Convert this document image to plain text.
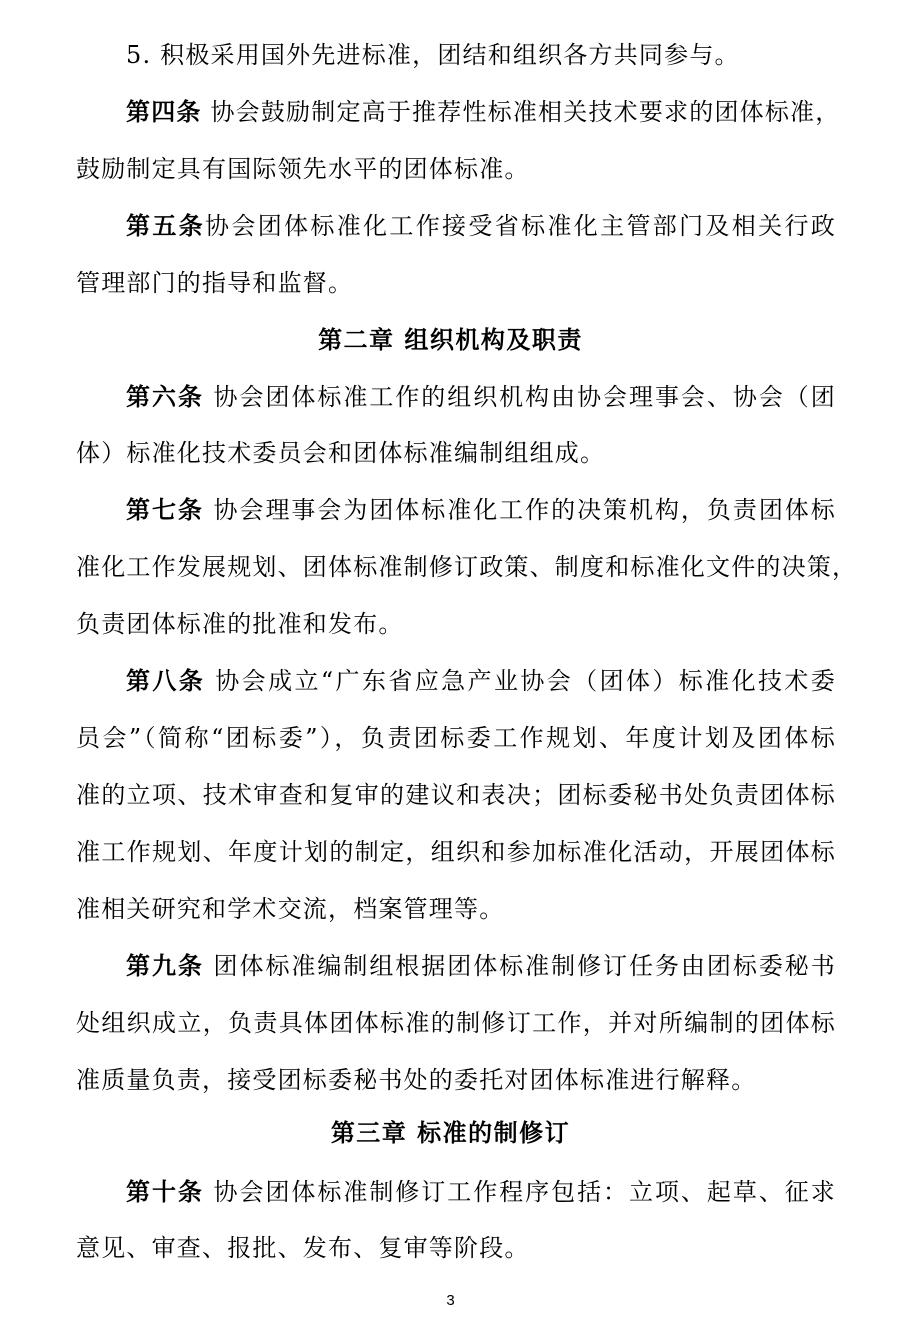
5. 积极采用国外先进标准，团结和组织各方共同参与。
第四条 协会鼓励制定高于推荐性标准相关技术要求的团体标准，
鼓励制定具有国际领先水平的团体标准。
第五条协会团体标准化工作接受省标准化主管部门及相关行政
管理部门的指导和监督。
第二章 组织机构及职责
第六条 协会团体标准工作的组织机构由协会理事会、协会（团
体）标准化技术委员会和团体标准编制组组成。
第七条 协会理事会为团体标准化工作的决策机构，负责团体标
准化工作发展规划、团体标准制修订政策、制度和标准化文件的决策，
负责团体标准的批准和发布。
第八条 协会成立“广东省应急产业协会（团体）标准化技术委
员会”（简称“团标委”），负责团标委工作规划、年度计划及团体标
准的立项、技术审查和复审的建议和表决；团标委秘书处负责团体标
准工作规划、年度计划的制定，组织和参加标准化活动，开展团体标
准相关研究和学术交流，档案管理等。
第九条 团体标准编制组根据团体标准制修订任务由团标委秘书
处组织成立，负责具体团体标准的制修订工作，并对所编制的团体标
准质量负责，接受团标委秘书处的委托对团体标准进行解释。
第三章 标准的制修订
第十条 协会团体标准制修订工作程序包括：立项、起草、征求
意见、审查、报批、发布、复审等阶段。
3
